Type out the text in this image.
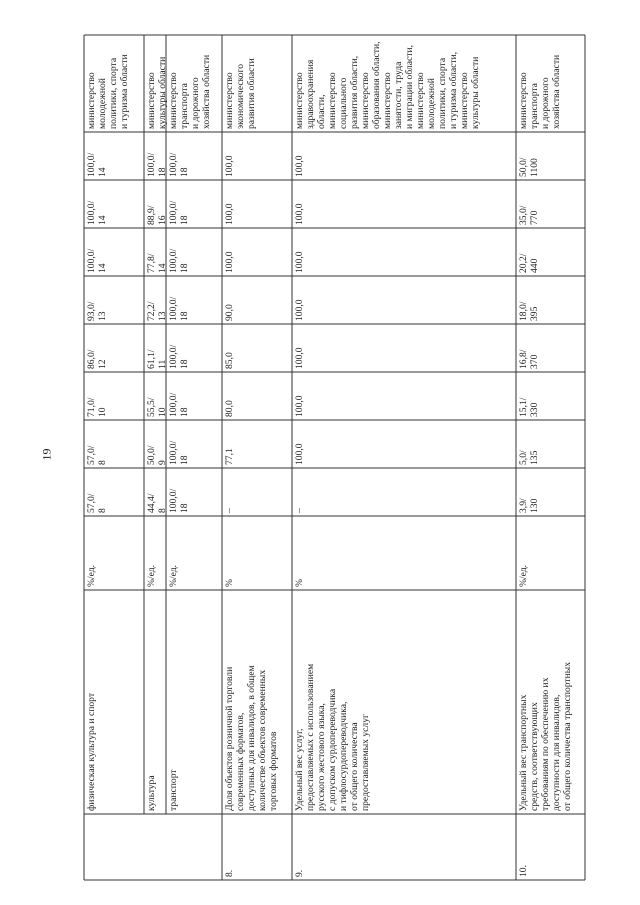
19
физическая культура и спорт
%/ед.
57,0/
8
57,0/
8
71,0/
10
86,0/
12
93,0/
13
100,0/
14
100,0/
14
100,0/
14
министерство
молодежной
политики, спорта
и туризма области
культура
%/ед.
44,4/
8
50,0/
9
55,5/
10
61,1/
11
72,2/
13
77,8/
14
88,9/
16
100,0/
18
министерство
культуры области
транспорт
%/ед.
100,0/
18
100,0/
18
100,0/
18
100,0/
18
100,0/
18
100,0/
18
100,0/
18
100,0/
18
министерство
транспорта
и дорожного
хозяйства области
8.
Доля объектов розничной торговли
современных форматов,
доступных для инвалидов, в общем
количестве объектов современных
торговых форматов
%
–
77,1
80,0
85,0
90,0
100,0
100,0
100,0
министерство
экономического
развития области
9.
Удельный вес услуг,
предоставляемых с использованием
русского жестового языка,
с допуском сурдопереводчика
и тифлосурдопереводчика,
от общего количества
предоставляемых услуг
%
–
100,0
100,0
100,0
100,0
100,0
100,0
100,0
министерство
здравоохранения
области,
министерство
социального
развития области,
министерство
образования области,
министерство
занятости, труда
и миграции области,
министерство
молодежной
политики, спорта
и туризма области,
министерство
культуры области
10.
Удельный вес транспортных
средств, соответствующих
требованиям по обеспечению их
доступности для инвалидов,
от общего количества транспортных
%/ед.
3,9/
130
5,0/
135
15,1/
330
16,8/
370
18,0/
395
20,2/
440
35,0/
770
50,0/
1100
министерство
транспорта
и дорожного
хозяйства области
